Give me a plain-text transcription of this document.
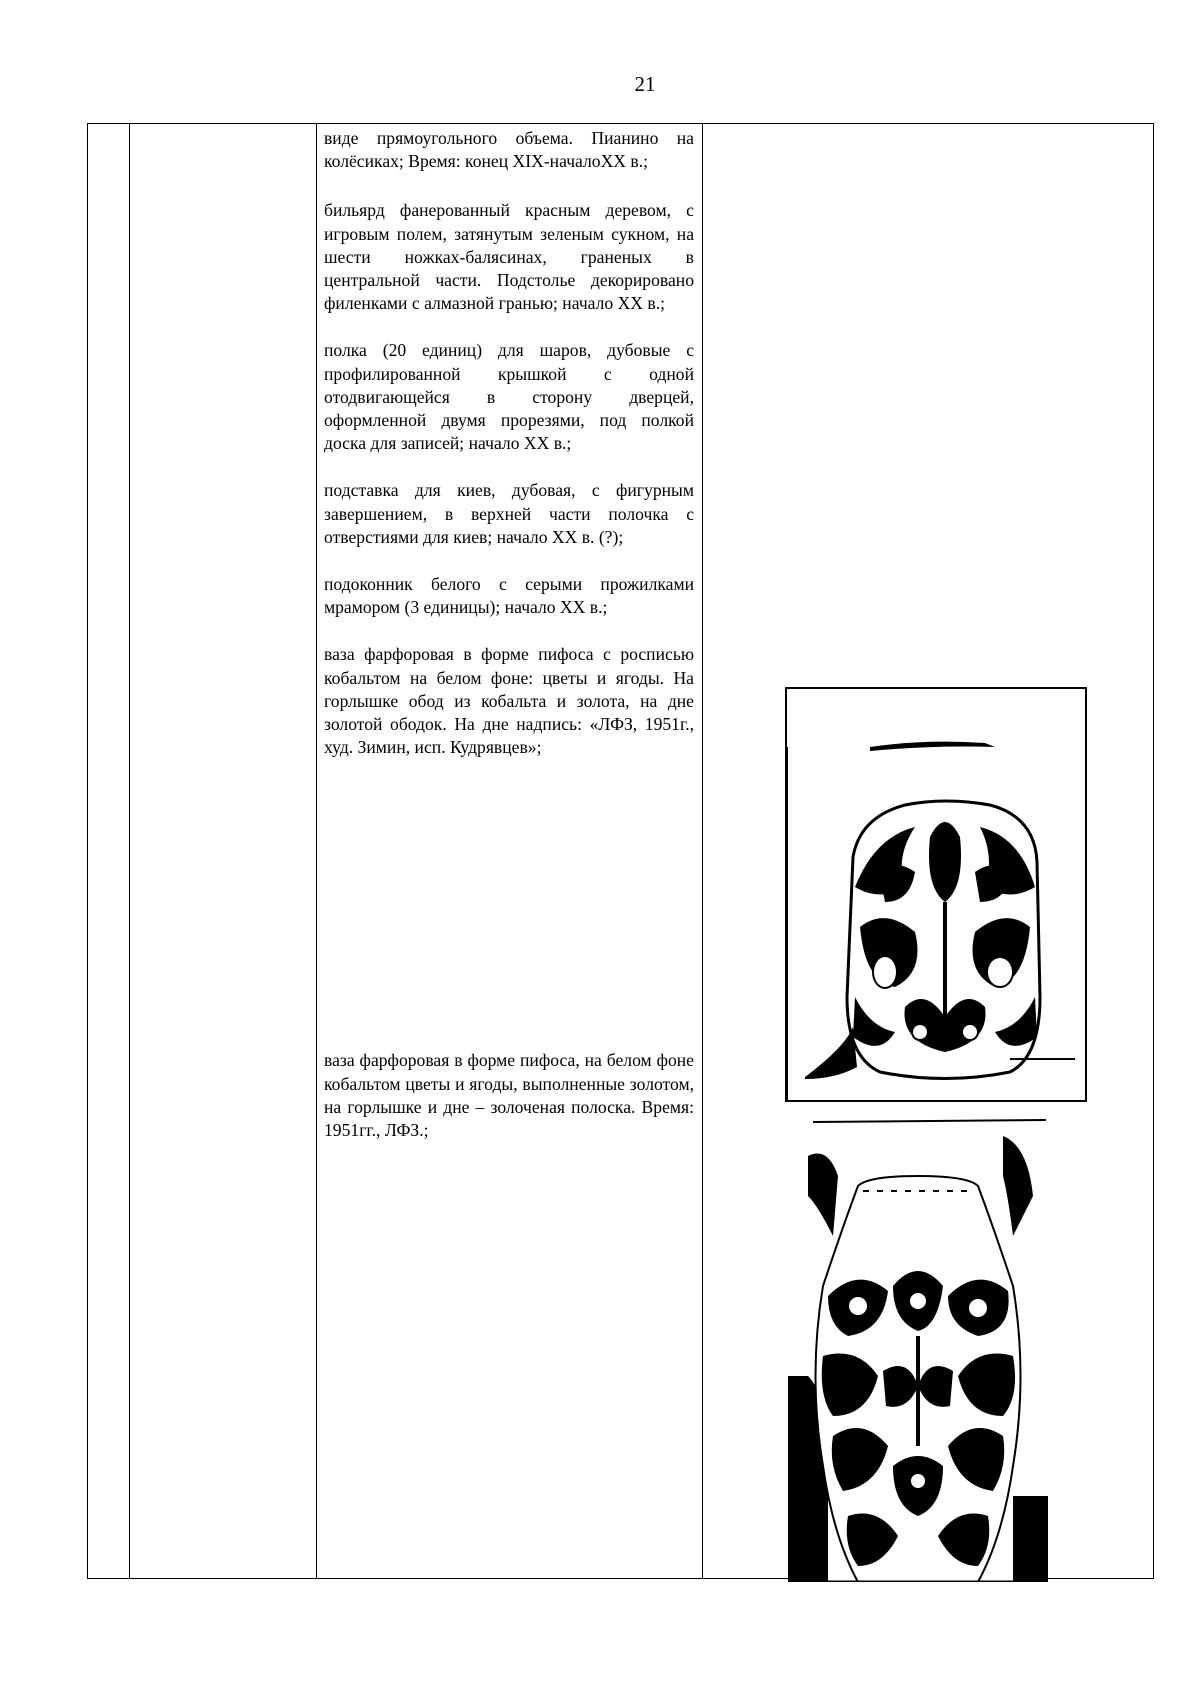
21

виде прямоугольного объема. Пианино на колёсиках; Время: конец XIX-началоXX в.;

бильярд фанерованный красным деревом, с игровым полем, затянутым зеленым сукном, на шести ножках-балясинах, граненых в центральной части. Подстолье декорировано филенками с алмазной гранью; начало XX в.;

полка (20 единиц) для шаров, дубовые с профилированной крышкой с одной отодвигающейся в сторону дверцей, оформленной двумя прорезями, под полкой доска для записей; начало XX в.;

подставка для киев, дубовая, с фигурным завершением, в верхней части полочка с отверстиями для киев; начало XX в. (?);

подоконник белого с серыми прожилками мрамором (3 единицы); начало XX в.;

ваза фарфоровая в форме пифоса с росписью кобальтом на белом фоне: цветы и ягоды. На горлышке обод из кобальта и золота, на дне золотой ободок. На дне надпись: «ЛФЗ, 1951г., худ. Зимин, исп. Кудрявцев»;

ваза фарфоровая в форме пифоса, на белом фоне кобальтом цветы и ягоды, выполненные золотом, на горлышке и дне – золоченая полоска. Время: 1951гг., ЛФЗ.;
